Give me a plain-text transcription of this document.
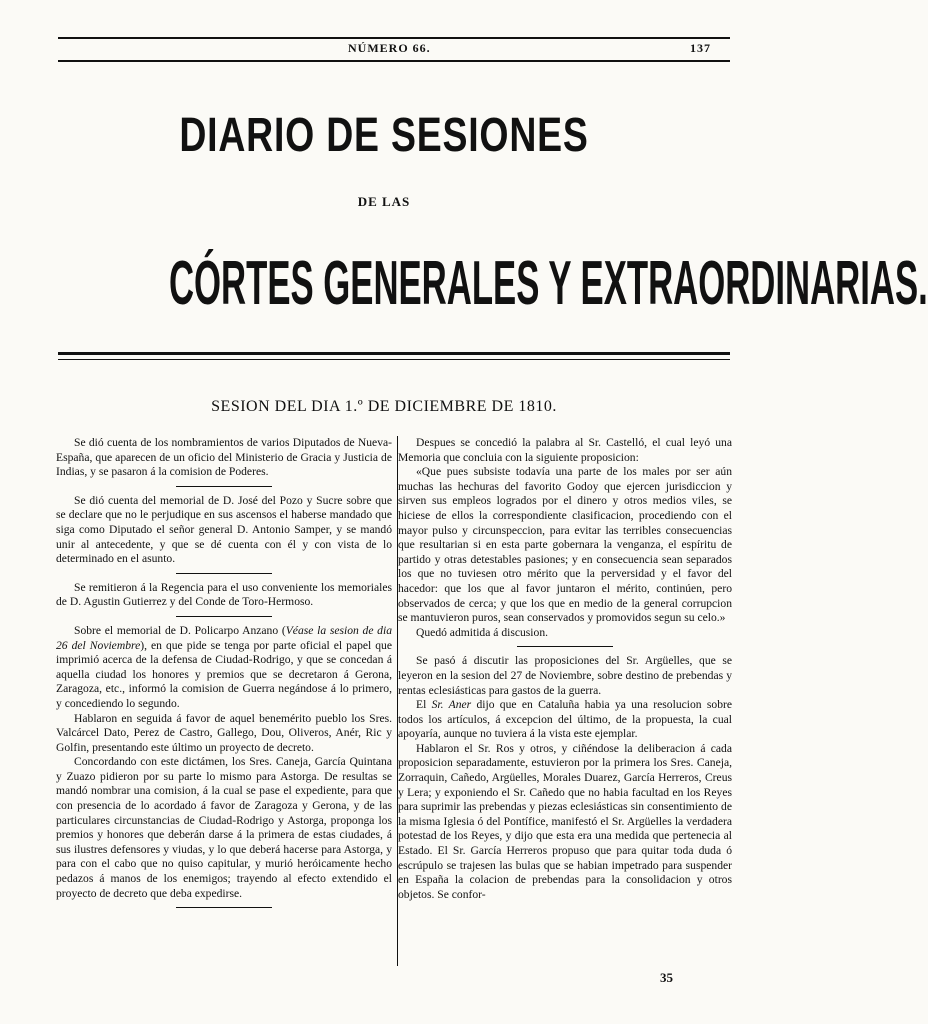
NÚMERO 66.	137
DIARIO DE SESIONES
DE LAS
CÓRTES GENERALES Y EXTRAORDINARIAS.
SESION DEL DIA 1.º DE DICIEMBRE DE 1810.

Se dió cuenta de los nombramientos de varios Diputados de Nueva-España, que aparecen de un oficio del Ministerio de Gracia y Justicia de Indias, y se pasaron á la comision de Poderes.

Se dió cuenta del memorial de D. José del Pozo y Sucre sobre que se declare que no le perjudique en sus ascensos el haberse mandado que siga como Diputado el señor general D. Antonio Samper, y se mandó unir al antecedente, y que se dé cuenta con él y con vista de lo determinado en el asunto.

Se remitieron á la Regencia para el uso conveniente los memoriales de D. Agustin Gutierrez y del Conde de Toro-Hermoso.

Sobre el memorial de D. Policarpo Anzano (Véase la sesion de dia 26 del Noviembre), en que pide se tenga por parte oficial el papel que imprimió acerca de la defensa de Ciudad-Rodrigo, y que se concedan á aquella ciudad los honores y premios que se decretaron á Gerona, Zaragoza, etc., informó la comision de Guerra negándose á lo primero, y concediendo lo segundo.

Hablaron en seguida á favor de aquel benemérito pueblo los Sres. Valcárcel Dato, Perez de Castro, Gallego, Dou, Oliveros, Anér, Ric y Golfin, presentando este último un proyecto de decreto.

Concordando con este dictámen, los Sres. Caneja, García Quintana y Zuazo pidieron por su parte lo mismo para Astorga. De resultas se mandó nombrar una comision, á la cual se pase el expediente, para que con presencia de lo acordado á favor de Zaragoza y Gerona, y de las particulares circunstancias de Ciudad-Rodrigo y Astorga, proponga los premios y honores que deberán darse á la primera de estas ciudades, á sus ilustres defensores y viudas, y lo que deberá hacerse para Astorga, y para con el cabo que no quiso capitular, y murió heróicamente hecho pedazos á manos de los enemigos; trayendo al efecto extendido el proyecto de decreto que deba expedirse.

Despues se concedió la palabra al Sr. Castelló, el cual leyó una Memoria que concluia con la siguiente proposicion:

«Que pues subsiste todavía una parte de los males por ser aún muchas las hechuras del favorito Godoy que ejercen jurisdiccion y sirven sus empleos logrados por el dinero y otros medios viles, se hiciese de ellos la correspondiente clasificacion, procediendo con el mayor pulso y circunspeccion, para evitar las terribles consecuencias que resultarian si en esta parte gobernara la venganza, el espíritu de partido y otras detestables pasiones; y en consecuencia sean separados los que no tuviesen otro mérito que la perversidad y el favor del hacedor: que los que al favor juntaron el mérito, continúen, pero observados de cerca; y que los que en medio de la general corrupcion se mantuvieron puros, sean conservados y promovidos segun su celo.»

Quedó admitida á discusion.

Se pasó á discutir las proposiciones del Sr. Argüelles, que se leyeron en la sesion del 27 de Noviembre, sobre destino de prebendas y rentas eclesiásticas para gastos de la guerra.

El Sr. Aner dijo que en Cataluña habia ya una resolucion sobre todos los artículos, á excepcion del último, de la propuesta, la cual apoyaría, aunque no tuviera á la vista este ejemplar.

Hablaron el Sr. Ros y otros, y ciñéndose la deliberacion á cada proposicion separadamente, estuvieron por la primera los Sres. Caneja, Zorraquin, Cañedo, Argüelles, Morales Duarez, García Herreros, Creus y Lera; y exponiendo el Sr. Cañedo que no habia facultad en los Reyes para suprimir las prebendas y piezas eclesiásticas sin consentimiento de la misma Iglesia ó del Pontífice, manifestó el Sr. Argüelles la verdadera potestad de los Reyes, y dijo que esta era una medida que pertenecia al Estado. El Sr. García Herreros propuso que para quitar toda duda ó escrúpulo se trajesen las bulas que se habian impetrado para suspender en España la colacion de prebendas para la consolidacion y otros objetos. Se confor-

35
